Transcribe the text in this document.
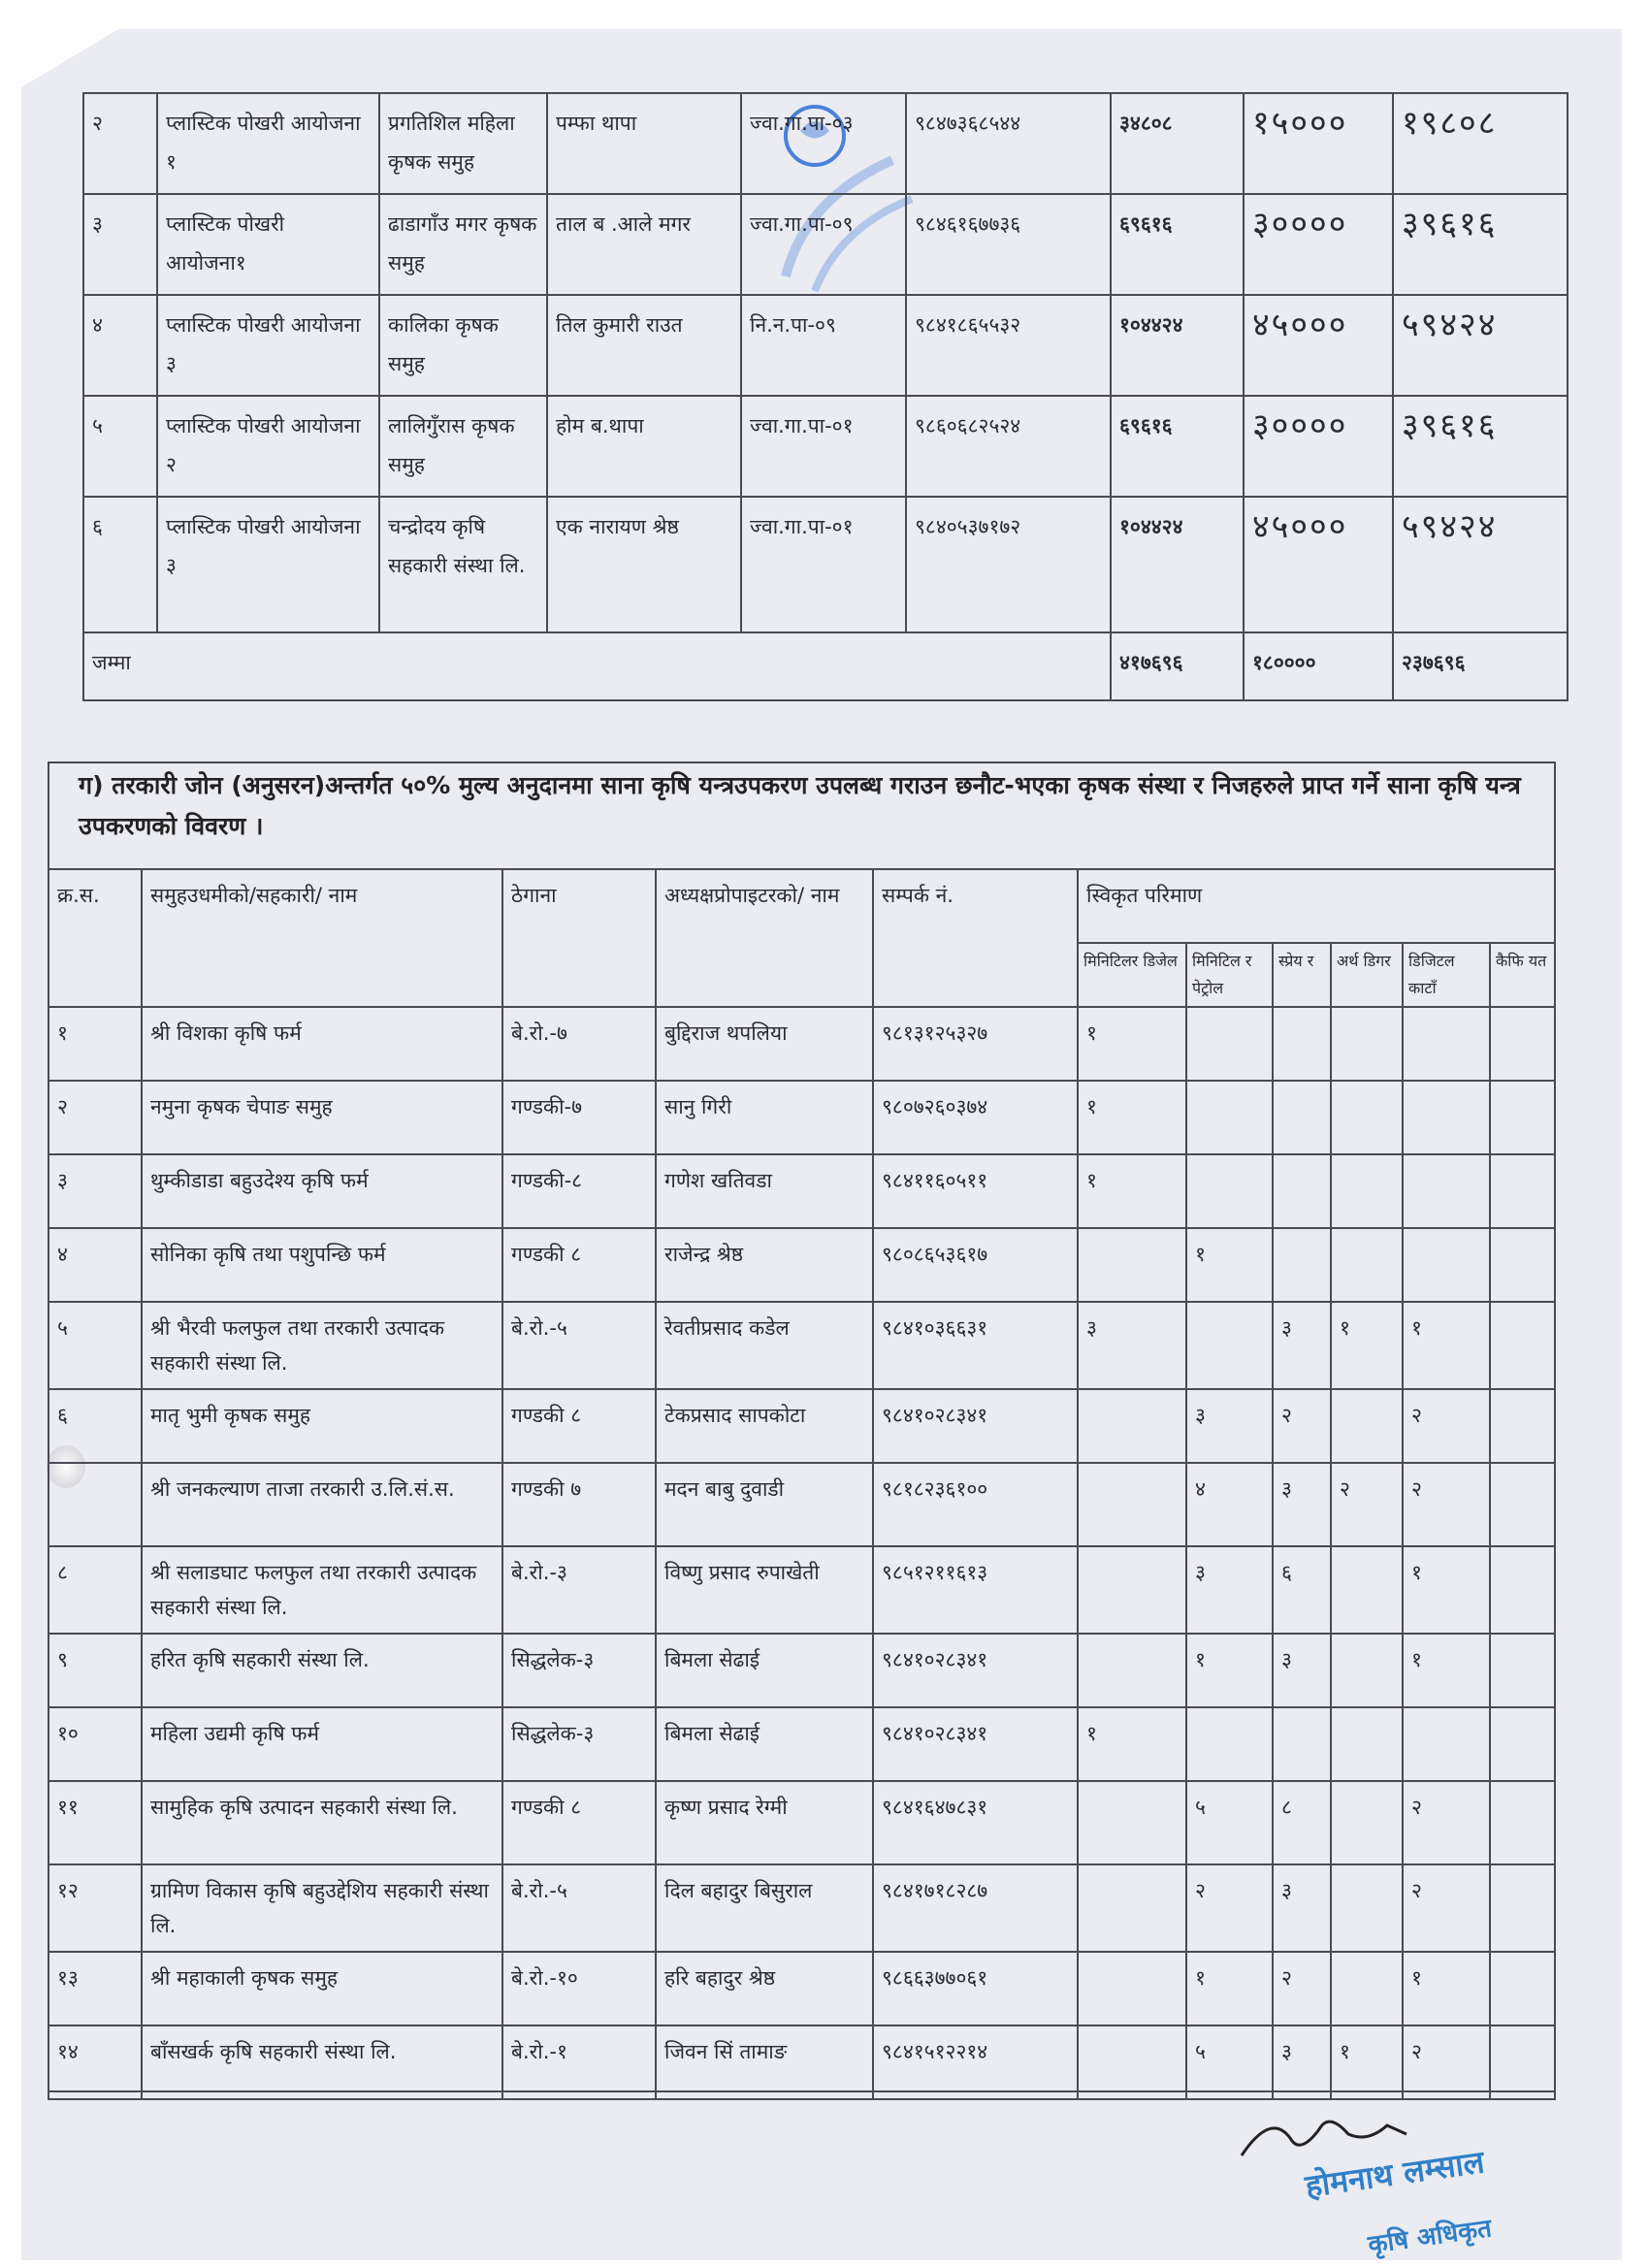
२	प्लास्टिक पोखरी आयोजना १	प्रगतिशिल महिला कृषक समुह	पम्फा थापा	ज्वा.गा.पा-०३	९८४७३६८५४४	३४८०८	१५०००	१९८०८
३	प्लास्टिक पोखरी आयोजना१	ढाडागाँउ मगर कृषक समुह	ताल ब .आले मगर	ज्वा.गा.पा-०९	९८४६१६७७३६	६९६१६	३००००	३९६१६
४	प्लास्टिक पोखरी आयोजना ३	कालिका कृषक समुह	तिल कुमारी राउत	नि.न.पा-०९	९८४१८६५५३२	१०४४२४	४५०००	५९४२४
५	प्लास्टिक पोखरी आयोजना २	लालिगुँरास कृषक समुह	होम ब.थापा	ज्वा.गा.पा-०१	९८६०६८२५२४	६९६१६	३००००	३९६१६
६	प्लास्टिक पोखरी आयोजना ३	चन्द्रोदय कृषि सहकारी संस्था लि.	एक नारायण श्रेष्ठ	ज्वा.गा.पा-०१	९८४०५३७१७२	१०४४२४	४५०००	५९४२४
जम्मा						४१७६९६	१८००००	२३७६९६
ग) तरकारी जोन (अनुसरन)अन्तर्गत ५०% मुल्य अनुदानमा साना कृषि यन्त्रउपकरण उपलब्ध गराउन छनौट-भएका कृषक संस्था र निजहरुले प्राप्त गर्ने साना कृषि यन्त्र उपकरणको विवरण ।
क्र.स.	समुहउधमीको/सहकारी/ नाम	ठेगाना	अध्यक्षप्रोपाइटरको/ नाम	सम्पर्क नं.	स्विकृत परिमाण					
					मिनिटिलर डिजेल	मिनिटिल र पेट्रोल	स्प्रेय र	अर्थ डिगर	डिजिटल काटाँ	कैफि यत
१	श्री विशका कृषि फर्म	बे.रो.-७	बुद्दिराज थपलिया	९८१३१२५३२७	१					
२	नमुना कृषक चेपाङ समुह	गण्डकी-७	सानु गिरी	९८०७२६०३७४	१					
३	थुम्कीडाडा बहुउदेश्य कृषि फर्म	गण्डकी-८	गणेश खतिवडा	९८४११६०५११	१					
४	सोनिका कृषि तथा पशुपन्छि फर्म	गण्डकी ८	राजेन्द्र श्रेष्ठ	९८०८६५३६१७		१				
५	श्री भैरवी फलफुल तथा तरकारी उत्पादक सहकारी संस्था लि.	बे.रो.-५	रेवतीप्रसाद कडेल	९८४१०३६६३१	३		३	१	१	
६	मातृ भुमी कृषक समुह	गण्डकी ८	टेकप्रसाद सापकोटा	९८४१०२८३४१		३	२		२	
	श्री जनकल्याण ताजा तरकारी उ.लि.सं.स.	गण्डकी ७	मदन बाबु दुवाडी	९८१८२३६१००		४	३	२	२	
८	श्री सलाडघाट फलफुल तथा तरकारी उत्पादक सहकारी संस्था लि.	बे.रो.-३	विष्णु प्रसाद रुपाखेती	९८५१२११६१३		३	६		१	
९	हरित कृषि सहकारी संस्था लि.	सिद्धलेक-३	बिमला सेढाई	९८४१०२८३४१		१	३		१	
१०	महिला उद्यमी कृषि फर्म	सिद्धलेक-३	बिमला सेढाई	९८४१०२८३४१	१					
११	सामुहिक कृषि उत्पादन सहकारी संस्था लि.	गण्डकी ८	कृष्ण प्रसाद रेग्मी	९८४१६४७८३१		५	८		२	
१२	ग्रामिण विकास कृषि बहुउद्देशिय सहकारी संस्था लि.	बे.रो.-५	दिल बहादुर बिसुराल	९८४१७१८२८७		२	३		२	
१३	श्री महाकाली कृषक समुह	बे.रो.-१०	हरि बहादुर श्रेष्ठ	९८६६३७७०६१		१	२		१	
१४	बाँसखर्क कृषि सहकारी संस्था लि.	बे.रो.-१	जिवन सिं तामाङ	९८४१५१२२१४		५	३	१	२	
होमनाथ लम्साल
कृषि अधिकृत
